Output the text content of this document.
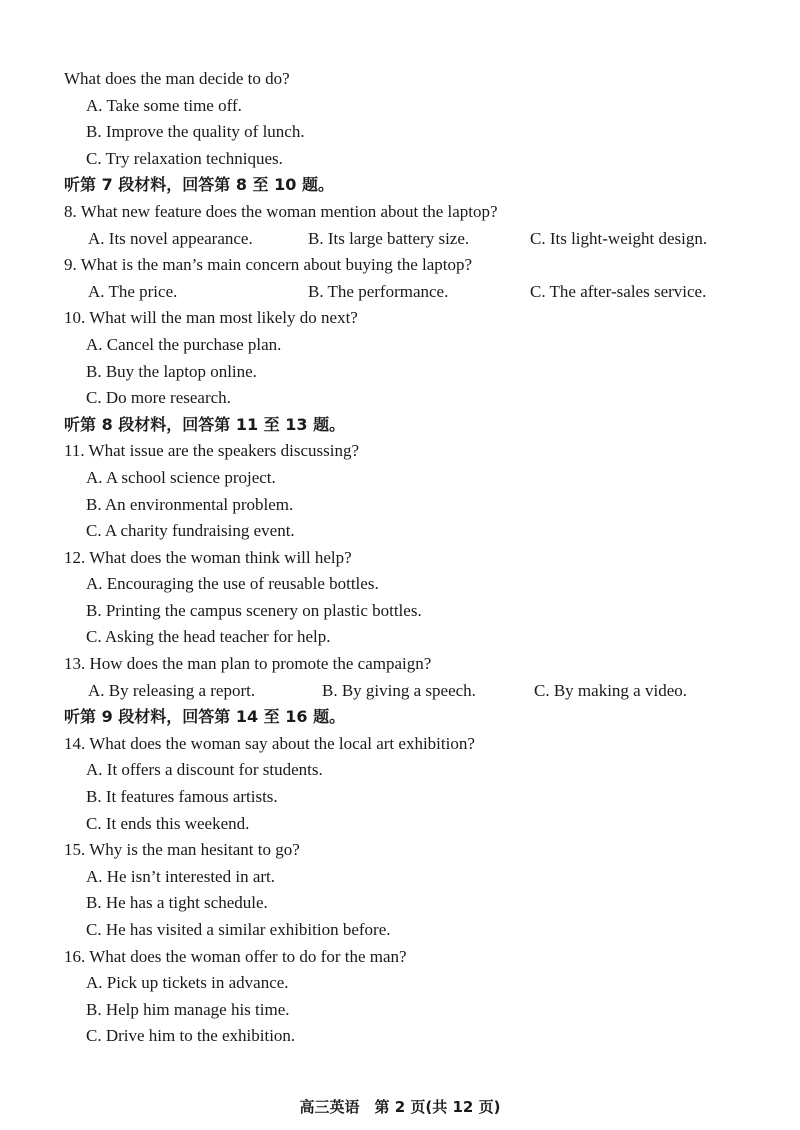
What does the man decide to do?
A. Take some time off.
B. Improve the quality of lunch.
C. Try relaxation techniques.
听第 7 段材料，回答第 8 至 10 题。
8. What new feature does the woman mention about the laptop?
A. Its novel appearance.	B. Its large battery size.	C. Its light-weight design.
9. What is the man’s main concern about buying the laptop?
A. The price.	B. The performance.	C. The after-sales service.
10. What will the man most likely do next?
A. Cancel the purchase plan.
B. Buy the laptop online.
C. Do more research.
听第 8 段材料，回答第 11 至 13 题。
11. What issue are the speakers discussing?
A. A school science project.
B. An environmental problem.
C. A charity fundraising event.
12. What does the woman think will help?
A. Encouraging the use of reusable bottles.
B. Printing the campus scenery on plastic bottles.
C. Asking the head teacher for help.
13. How does the man plan to promote the campaign?
A. By releasing a report.	B. By giving a speech.	C. By making a video.
听第 9 段材料，回答第 14 至 16 题。
14. What does the woman say about the local art exhibition?
A. It offers a discount for students.
B. It features famous artists.
C. It ends this weekend.
15. Why is the man hesitant to go?
A. He isn’t interested in art.
B. He has a tight schedule.
C. He has visited a similar exhibition before.
16. What does the woman offer to do for the man?
A. Pick up tickets in advance.
B. Help him manage his time.
C. Drive him to the exhibition.
高三英语　第 2 页(共 12 页)
